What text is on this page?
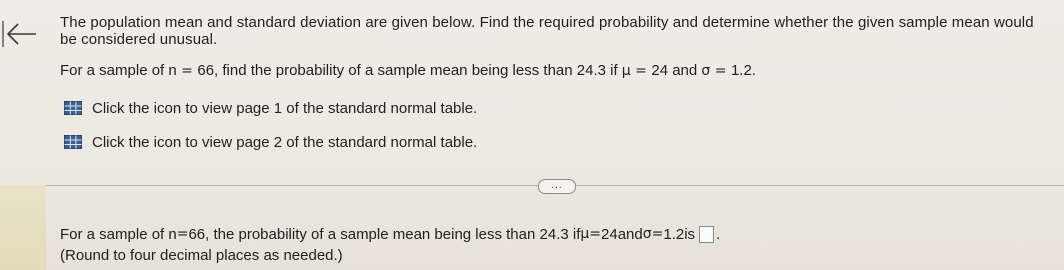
The population mean and standard deviation are given below. Find the required probability and determine whether the given sample mean would be considered unusual.
For a sample of n = 66, find the probability of a sample mean being less than 24.3 if μ = 24 and σ = 1.2.
Click the icon to view page 1 of the standard normal table.
Click the icon to view page 2 of the standard normal table.
...
For a sample of n = 66 , the probability of a sample mean being less than 24.3 if μ = 24 and σ = 1.2 is .
(Round to four decimal places as needed.)
